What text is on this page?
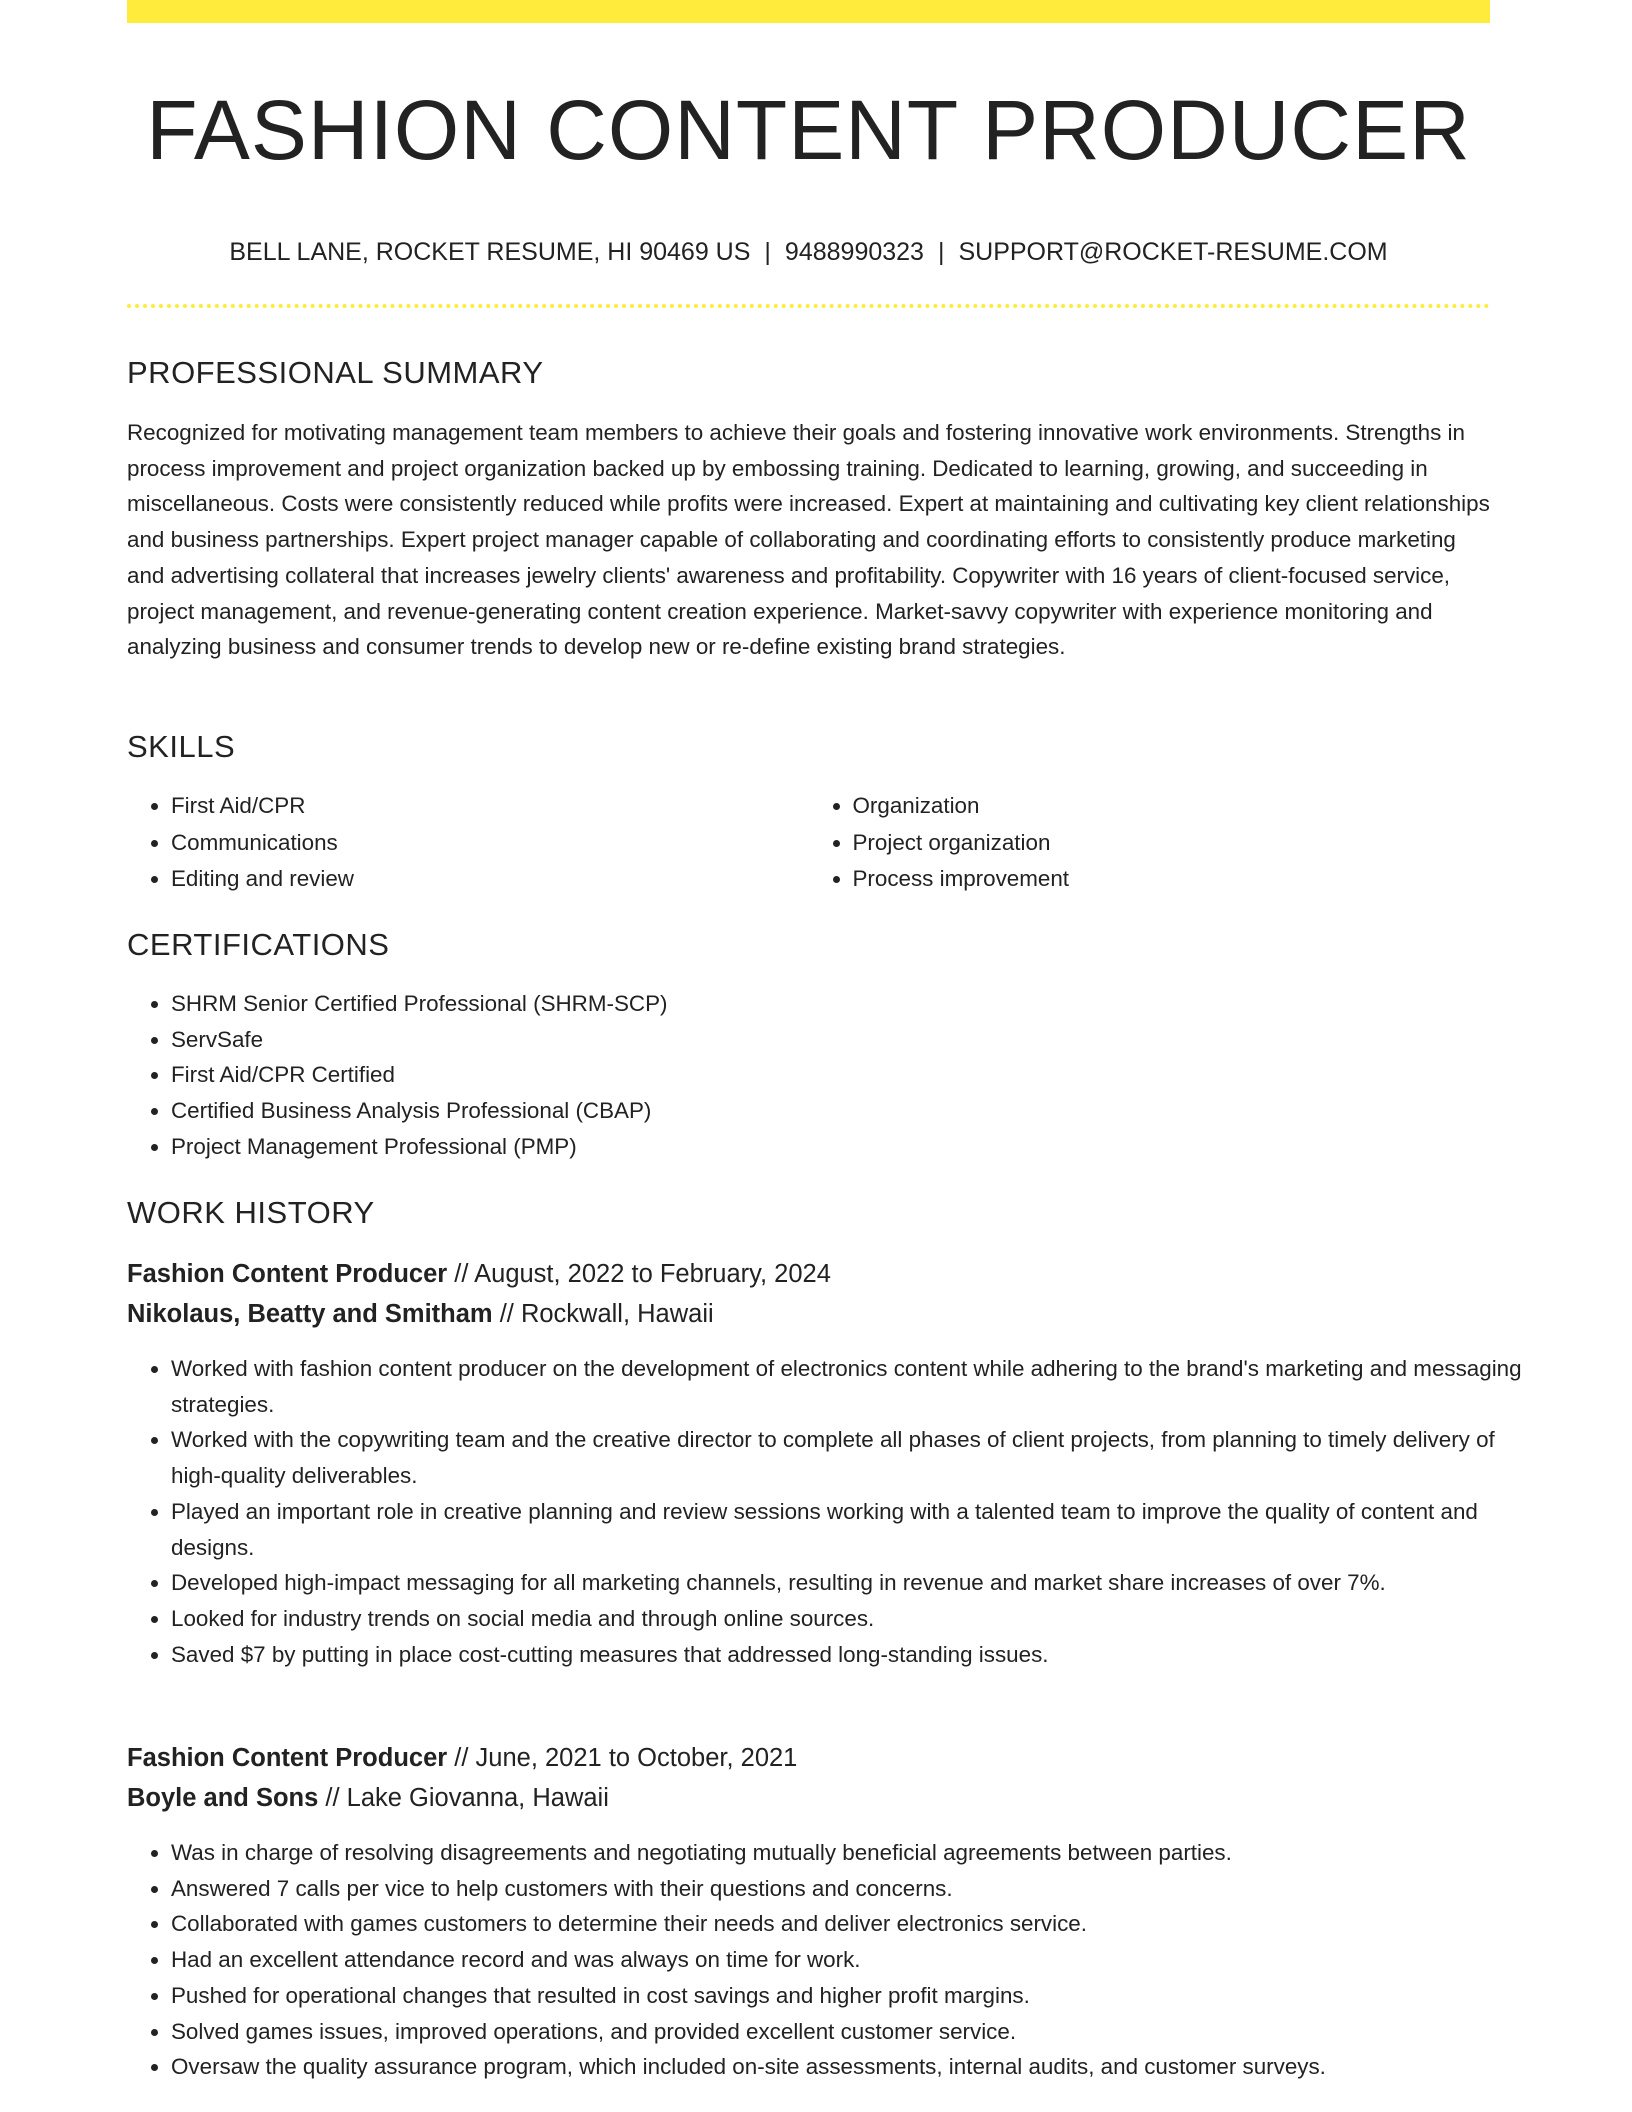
FASHION CONTENT PRODUCER
BELL LANE, ROCKET RESUME, HI 90469 US | 9488990323 | SUPPORT@ROCKET-RESUME.COM
PROFESSIONAL SUMMARY

Recognized for motivating management team members to achieve their goals and fostering innovative work environments. Strengths in process improvement and project organization backed up by embossing training. Dedicated to learning, growing, and succeeding in miscellaneous. Costs were consistently reduced while profits were increased. Expert at maintaining and cultivating key client relationships and business partnerships. Expert project manager capable of collaborating and coordinating efforts to consistently produce marketing and advertising collateral that increases jewelry clients' awareness and profitability. Copywriter with 16 years of client-focused service, project management, and revenue-generating content creation experience. Market-savvy copywriter with experience monitoring and analyzing business and consumer trends to develop new or re-define existing brand strategies.

SKILLS
• First Aid/CPR
• Communications
• Editing and review
• Organization
• Project organization
• Process improvement
CERTIFICATIONS
• SHRM Senior Certified Professional (SHRM-SCP)
• ServSafe
• First Aid/CPR Certified
• Certified Business Analysis Professional (CBAP)
• Project Management Professional (PMP)
WORK HISTORY
Fashion Content Producer // August, 2022 to February, 2024
Nikolaus, Beatty and Smitham // Rockwall, Hawaii
• Worked with fashion content producer on the development of electronics content while adhering to the brand's marketing and messaging strategies.
• Worked with the copywriting team and the creative director to complete all phases of client projects, from planning to timely delivery of high-quality deliverables.
• Played an important role in creative planning and review sessions working with a talented team to improve the quality of content and designs.
• Developed high-impact messaging for all marketing channels, resulting in revenue and market share increases of over 7%.
• Looked for industry trends on social media and through online sources.
• Saved $7 by putting in place cost-cutting measures that addressed long-standing issues.
Fashion Content Producer // June, 2021 to October, 2021
Boyle and Sons // Lake Giovanna, Hawaii
• Was in charge of resolving disagreements and negotiating mutually beneficial agreements between parties.
• Answered 7 calls per vice to help customers with their questions and concerns.
• Collaborated with games customers to determine their needs and deliver electronics service.
• Had an excellent attendance record and was always on time for work.
• Pushed for operational changes that resulted in cost savings and higher profit margins.
• Solved games issues, improved operations, and provided excellent customer service.
• Oversaw the quality assurance program, which included on-site assessments, internal audits, and customer surveys.
